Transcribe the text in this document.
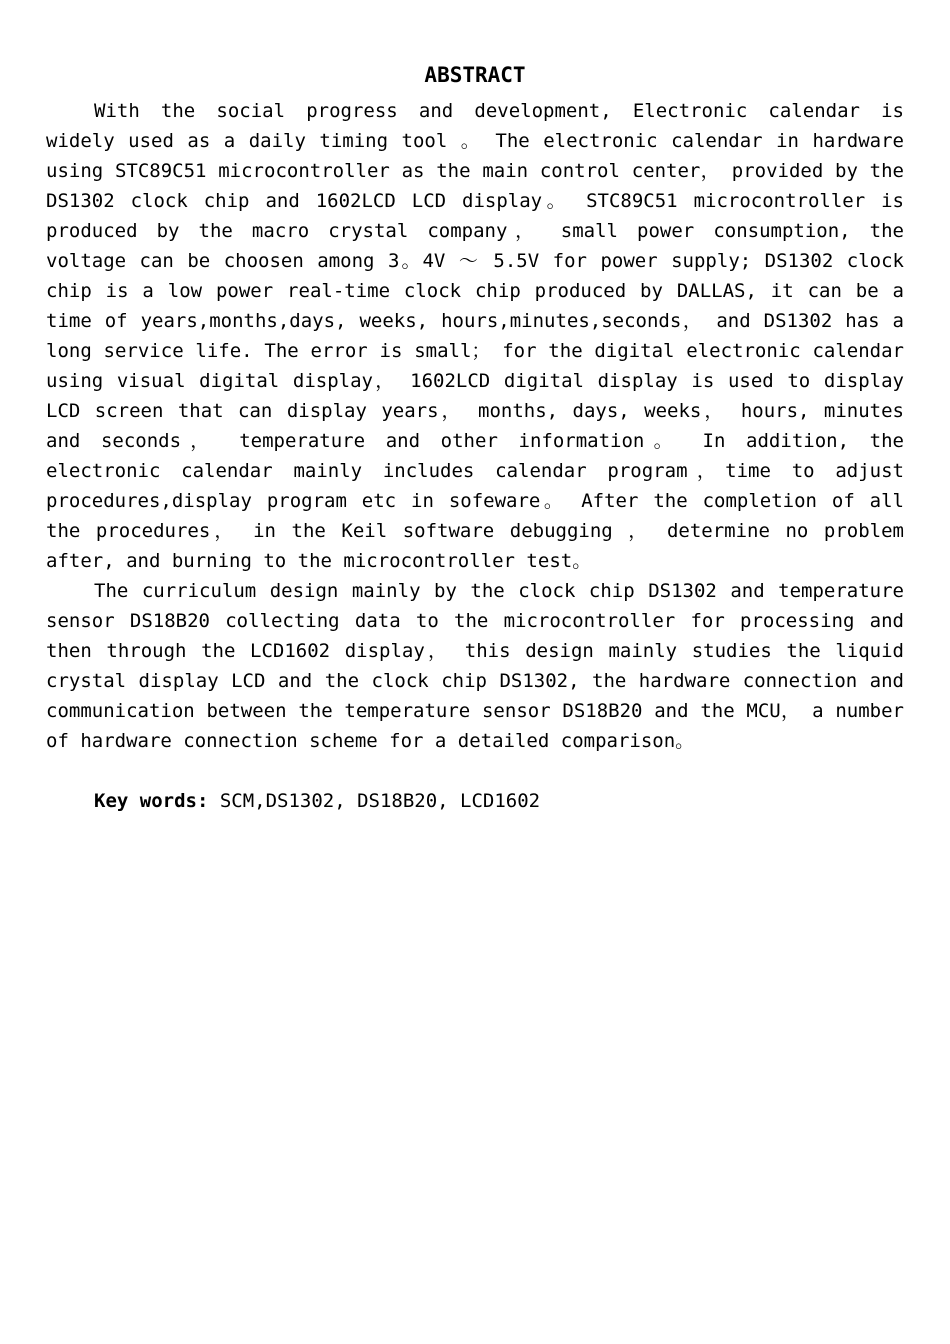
ABSTRACT

With the social progress and development, Electronic calendar is widely used as a daily timing tool 。 The electronic calendar in hardware using STC89C51 microcontroller as the main control center， provided by the DS1302 clock chip and 1602LCD LCD display。 STC89C51 microcontroller is produced by the macro crystal company， small power consumption, the voltage can be choosen among 3。4V ～ 5.5V for power supply; DS1302 clock chip is a low power real-time clock chip produced by DALLAS, it can be a time of years,months,days, weeks, hours,minutes,seconds， and DS1302 has a long service life. The error is small； for the digital electronic calendar using visual digital display， 1602LCD digital display is used to display LCD screen that can display years， months, days, weeks， hours, minutes and seconds， temperature and other information。 In addition, the electronic calendar mainly includes calendar program，time to adjust procedures,display program etc in sofeware。 After the completion of all the procedures， in the Keil software debugging ， determine no problem after, and burning to the microcontroller test。

The curriculum design mainly by the clock chip DS1302 and temperature sensor DS18B20 collecting data to the microcontroller for processing and then through the LCD1602 display， this design mainly studies the liquid crystal display LCD and the clock chip DS1302, the hardware connection and communication between the temperature sensor DS18B20 and the MCU， a number of hardware connection scheme for a detailed comparison。

Key words: SCM,DS1302, DS18B20, LCD1602
